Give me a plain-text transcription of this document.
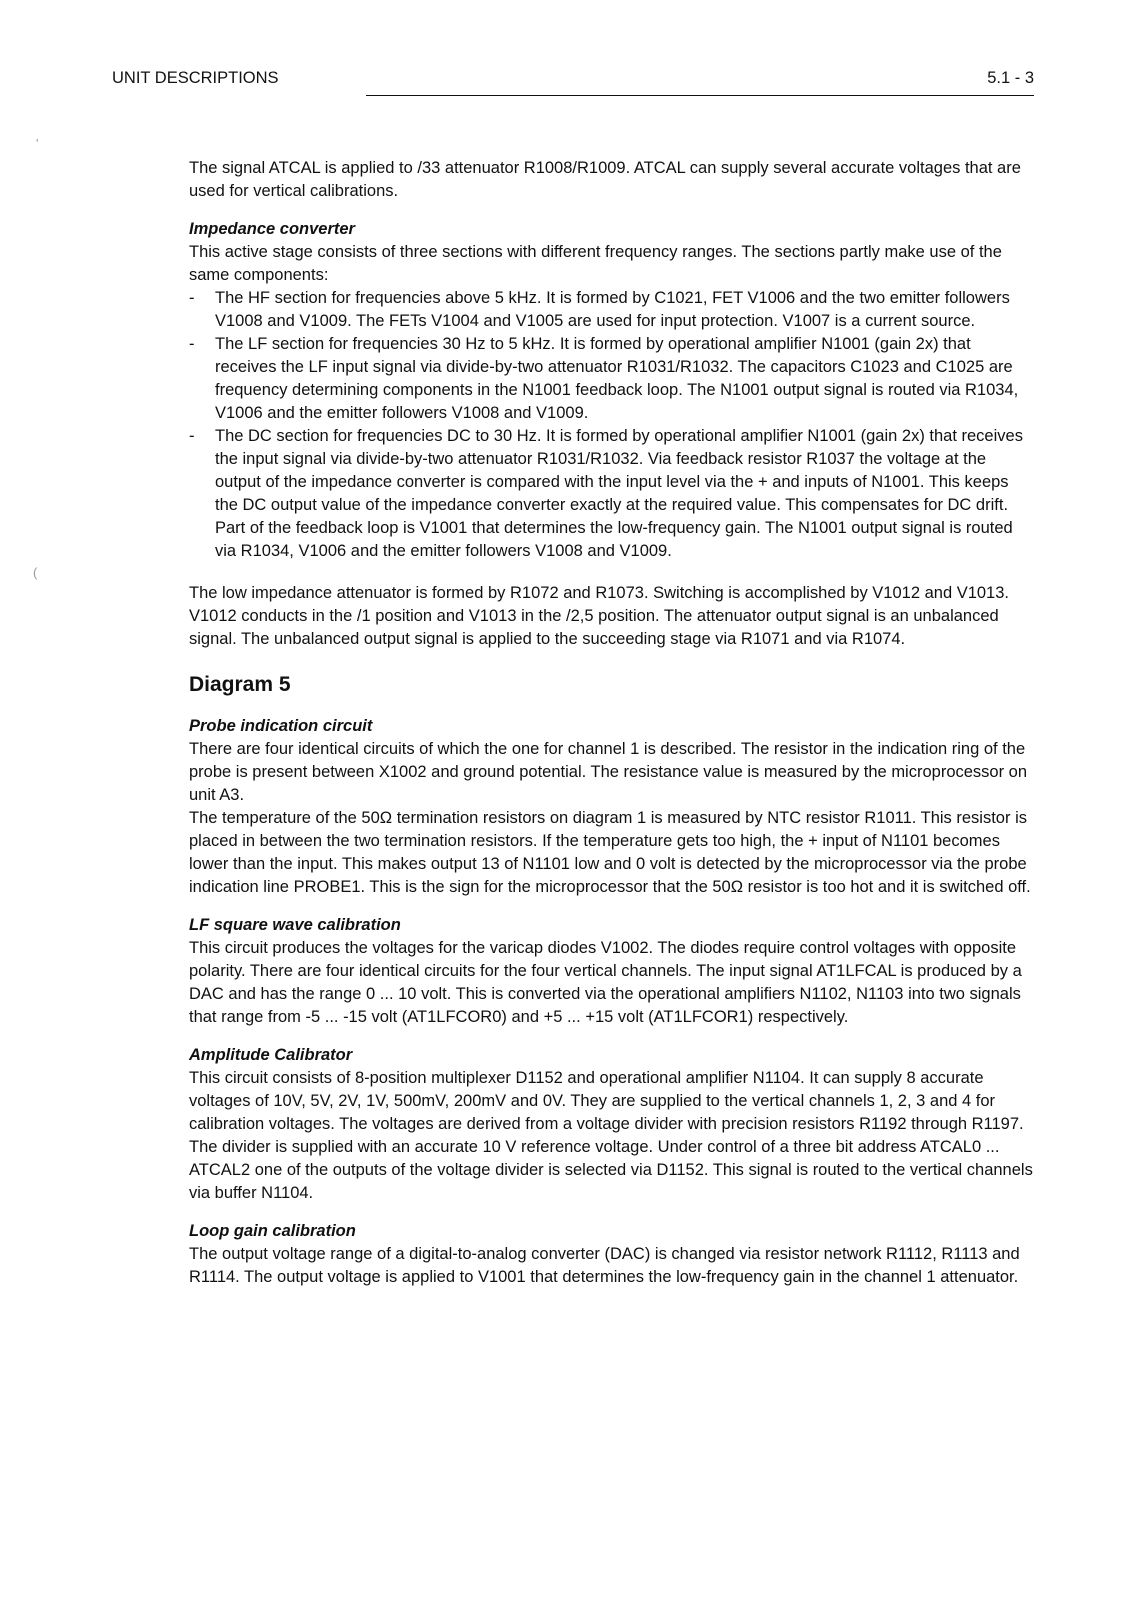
UNIT DESCRIPTIONS	5.1 - 3
'
(

The signal ATCAL is applied to /33 attenuator R1008/R1009. ATCAL can supply several accurate voltages that are used for vertical calibrations.

Impedance converter

This active stage consists of three sections with different frequency ranges. The sections partly make use of the same components:

- The HF section for frequencies above 5 kHz. It is formed by C1021, FET V1006 and the two emitter followers V1008 and V1009. The FETs V1004 and V1005 are used for input protection. V1007 is a current source.
- The LF section for frequencies 30 Hz to 5 kHz. It is formed by operational amplifier N1001 (gain 2x) that receives the LF input signal via divide-by-two attenuator R1031/R1032. The capacitors C1023 and C1025 are frequency determining components in the N1001 feedback loop. The N1001 output signal is routed via R1034, V1006 and the emitter followers V1008 and V1009.
- The DC section for frequencies DC to 30 Hz. It is formed by operational amplifier N1001 (gain 2x) that receives the input signal via divide-by-two attenuator R1031/R1032. Via feedback resistor R1037 the voltage at the output of the impedance converter is compared with the input level via the + and inputs of N1001. This keeps the DC output value of the impedance converter exactly at the required value. This compensates for DC drift. Part of the feedback loop is V1001 that determines the low-frequency gain. The N1001 output signal is routed via R1034, V1006 and the emitter followers V1008 and V1009.

The low impedance attenuator is formed by R1072 and R1073. Switching is accomplished by V1012 and V1013. V1012 conducts in the /1 position and V1013 in the /2,5 position. The attenuator output signal is an unbalanced signal. The unbalanced output signal is applied to the succeeding stage via R1071 and via R1074.

Diagram 5
Probe indication circuit

There are four identical circuits of which the one for channel 1 is described. The resistor in the indication ring of the probe is present between X1002 and ground potential. The resistance value is measured by the microprocessor on unit A3.

The temperature of the 50Ω termination resistors on diagram 1 is measured by NTC resistor R1011. This resistor is placed in between the two termination resistors. If the temperature gets too high, the + input of N1101 becomes lower than the input. This makes output 13 of N1101 low and 0 volt is detected by the microprocessor via the probe indication line PROBE1. This is the sign for the microprocessor that the 50Ω resistor is too hot and it is switched off.

LF square wave calibration

This circuit produces the voltages for the varicap diodes V1002. The diodes require control voltages with opposite polarity. There are four identical circuits for the four vertical channels. The input signal AT1LFCAL is produced by a DAC and has the range 0 ... 10 volt. This is converted via the operational amplifiers N1102, N1103 into two signals that range from -5 ... -15 volt (AT1LFCOR0) and +5 ... +15 volt (AT1LFCOR1) respectively.

Amplitude Calibrator

This circuit consists of 8-position multiplexer D1152 and operational amplifier N1104. It can supply 8 accurate voltages of 10V, 5V, 2V, 1V, 500mV, 200mV and 0V. They are supplied to the vertical channels 1, 2, 3 and 4 for calibration voltages. The voltages are derived from a voltage divider with precision resistors R1192 through R1197. The divider is supplied with an accurate 10 V reference voltage. Under control of a three bit address ATCAL0 ... ATCAL2 one of the outputs of the voltage divider is selected via D1152. This signal is routed to the vertical channels via buffer N1104.

Loop gain calibration

The output voltage range of a digital-to-analog converter (DAC) is changed via resistor network R1112, R1113 and R1114. The output voltage is applied to V1001 that determines the low-frequency gain in the channel 1 attenuator.
